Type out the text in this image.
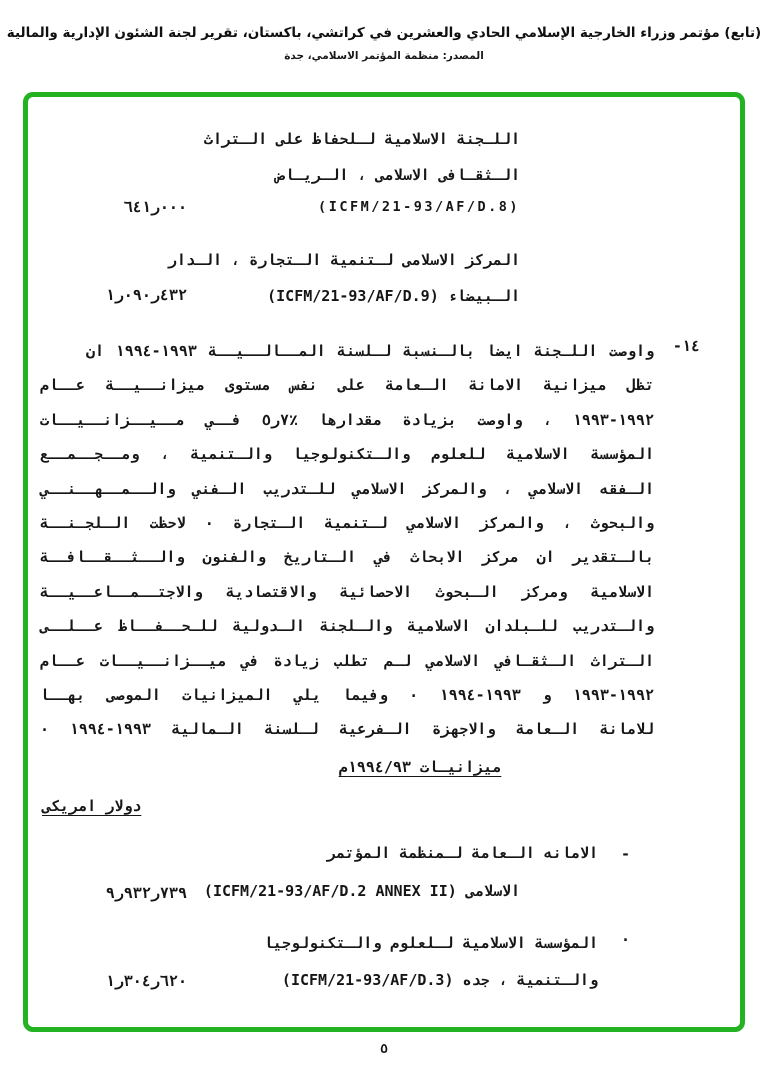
(تابع) مؤتمر وزراء الخارجية الإسلامي الحادي والعشرين في كراتشي، باكستان، تقرير لجنة الشئون الإدارية والمالية
المصدر: منظمة المؤتمر الاسلامي، جدة
اللـجنة الاسلامية لـلحفاظ على الـتراث
الـثقـافى الاسلامى ، الـريـاض
(ICFM/21-93/AF/D.8)
٦٤١ر٠٠٠
المركز الاسلامى لـتنمية الـتجارة ، الـدار
الـبيضاء (ICFM/21-93/AF/D.9)
١ر٠٩٠ر٤٣٢
١٤-
واوصت اللـجنة ايضا بالـنسبة لـلسنة المــالــيــة ١٩٩٣-١٩٩٤ ان
تظل ميزانية الامانة الـعامة على نفس مستوى ميزانــيــة عــام
١٩٩٢-١٩٩٣ ، واوصت بزيادة مقدارها ٪٧ر٥ فــي مــيــزانــيــات
المؤسسة الاسلامية للعلوم والـتكنولوجيا والـتنمية ، ومــجــمــع
الـفقه الاسلامي ، والمركز الاسلامي للـتدريب الـفني والــمــهــنــي
والبحوث ، والمركز الاسلامي لـتنمية الـتجارة ٠ لاحظت الـلجـنــة
بالـتقدير ان مركز الابحاث في الـتاريخ والفنون والــثــقــافــة
الاسلامية ومركز الـبحوث الاحصائية والاقتصادية والاجتــمــاعــيــة
والـتدريب للـبلدان الاسلامية والـلجنة الـدولية للـحــفــاظ عــلــى
الـتراث الـثقـافي الاسلامي لـم تطلب زيادة في ميــزانــيــات عــام
١٩٩٢-١٩٩٣ و ١٩٩٣-١٩٩٤ ٠ وفيما يلي الميزانيات الموصى بهــا
للامانة الـعامة والاجهزة الـفرعية لـلسنة الـمالية ١٩٩٣-١٩٩٤ ٠
ميزانيـات ١٩٩٤/٩٣م
دولار امريكى
-
الامانه الـعامة لـمنظمة المؤتمر
الاسلامى (ICFM/21-93/AF/D.2 ANNEX II)
٩ر٩٣٢ر٧٣٩
·
المؤسسة الاسلامية لـلعلوم والـتكنولوجيا
والـتنمية ، جده (ICFM/21-93/AF/D.3)
١ر٣٠٤ر٦٢٠
٥
